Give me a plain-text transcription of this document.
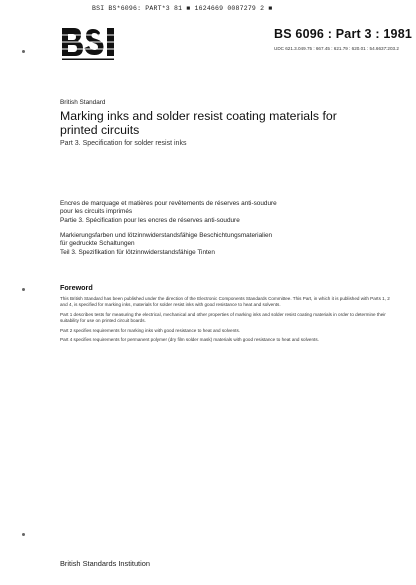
BSI BS*6096: PART*3 81 ■ 1624669 0087279 2 ■
BS 6096 : Part 3 : 1981
UDC 621.3.049.75 : 667.45 : 621.79 : 620.01 : 54.6637:203.2
British Standard
Marking inks and solder resist coating materials for printed circuits
Part 3. Specification for solder resist inks
Encres de marquage et matières pour revêtements de réserves anti-soudure
pour les circuits imprimés
Partie 3. Spécification pour les encres de réserves anti-soudure
Markierungsfarben und lötzinnwiderstandsfähige Beschichtungsmaterialien
für gedruckte Schaltungen
Teil 3. Spezifikation für lötzinnwiderstandsfähige Tinten
Foreword

This British Standard has been published under the direction of the Electronic Components Standards Committee. This Part, in which it is published with Parts 1, 2 and 4, is specified for marking inks, materials for solder resist inks with good resistance to heat and solvents.

Part 1 describes tests for measuring the electrical, mechanical and other properties of marking inks and solder resist coating materials in order to determine their suitability for use on printed circuit boards.

Part 2 specifies requirements for marking inks with good resistance to heat and solvents.

Part 4 specifies requirements for permanent polymer (dry film solder mask) materials with good resistance to heat and solvents.

British Standards Institution
